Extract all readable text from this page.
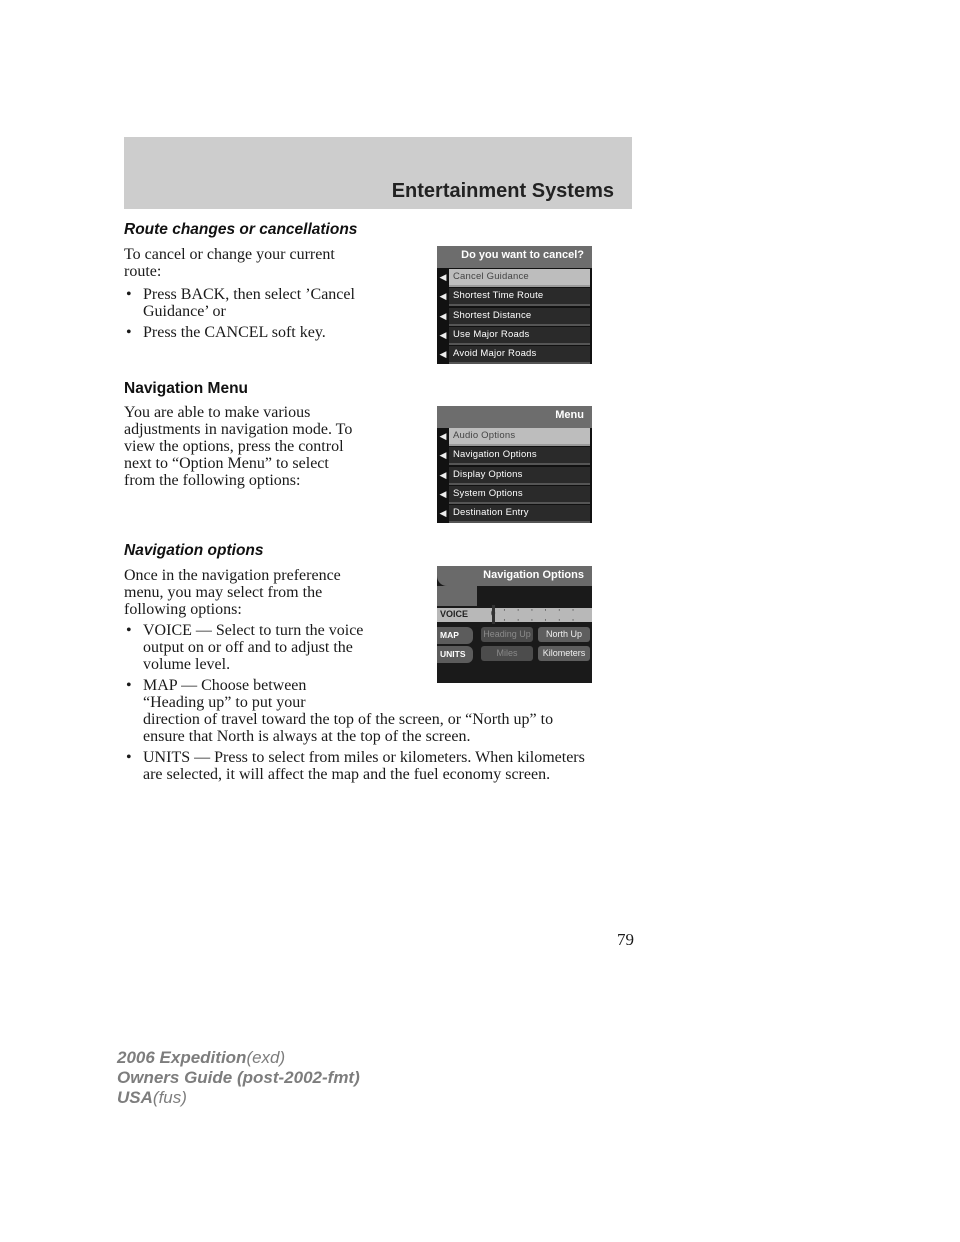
Entertainment Systems
Route changes or cancellations
To cancel or change your current
route:
• Press BACK, then select ’Cancel
Guidance’ or
• Press the CANCEL soft key.
Do you want to cancel?
◀ Cancel Guidance
◀ Shortest Time Route
◀ Shortest Distance
◀ Use Major Roads
◀ Avoid Major Roads
Navigation Menu
You are able to make various
adjustments in navigation mode. To
view the options, press the control
next to “Option Menu” to select
from the following options:
Menu
◀ Audio Options
◀ Navigation Options
◀ Display Options
◀ System Options
◀ Destination Entry
Navigation options
Once in the navigation preference
menu, you may select from the
following options:
• VOICE — Select to turn the voice
output on or off and to adjust the
volume level.
• MAP — Choose between
“Heading up” to put your
direction of travel toward the top of the screen, or “North up” to
ensure that North is always at the top of the screen.
• UNITS — Press to select from miles or kilometers. When kilometers
are selected, it will affect the map and the fuel economy screen.
Navigation Options
VOICE	· · · · · · · · · · · ·
MAP	Heading Up	North Up
UNITS	Miles	Kilometers
79
2006 Expedition(exd)
Owners Guide (post-2002-fmt)
USA(fus)
